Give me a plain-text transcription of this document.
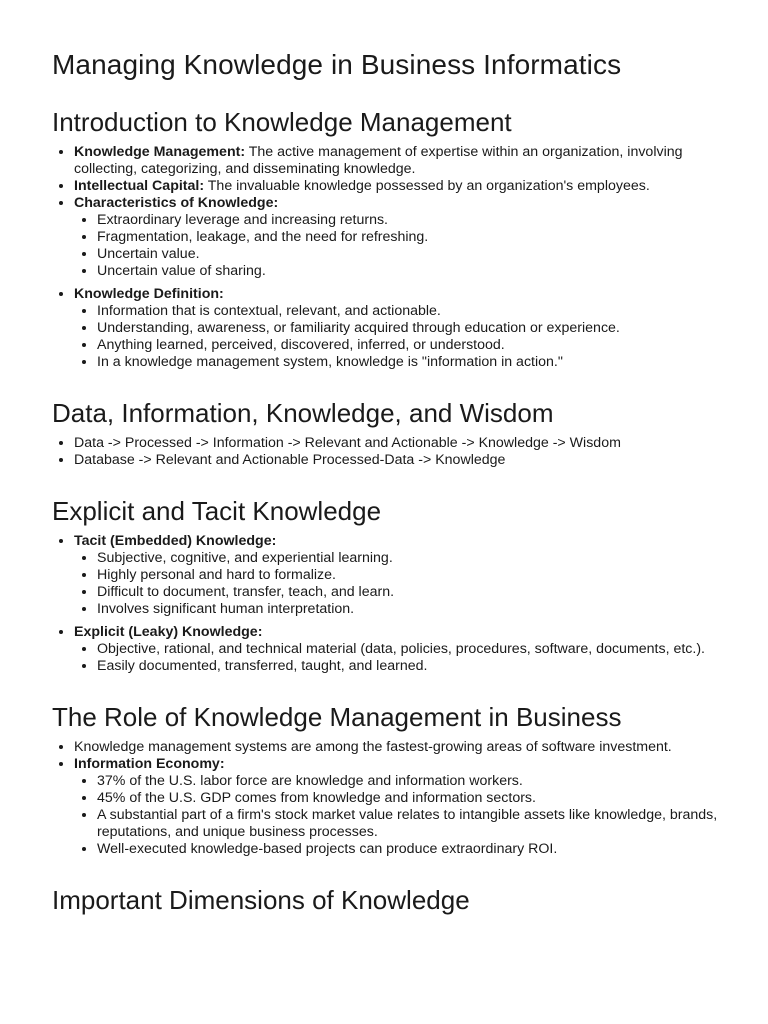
Managing Knowledge in Business Informatics
Introduction to Knowledge Management
• Knowledge Management: The active management of expertise within an organization, involving collecting, categorizing, and disseminating knowledge.
• Intellectual Capital: The invaluable knowledge possessed by an organization's employees.
• Characteristics of Knowledge:
• Extraordinary leverage and increasing returns.
• Fragmentation, leakage, and the need for refreshing.
• Uncertain value.
• Uncertain value of sharing.
• Knowledge Definition:
• Information that is contextual, relevant, and actionable.
• Understanding, awareness, or familiarity acquired through education or experience.
• Anything learned, perceived, discovered, inferred, or understood.
• In a knowledge management system, knowledge is "information in action."
Data, Information, Knowledge, and Wisdom
• Data -> Processed -> Information -> Relevant and Actionable -> Knowledge -> Wisdom
• Database -> Relevant and Actionable Processed-Data -> Knowledge
Explicit and Tacit Knowledge
• Tacit (Embedded) Knowledge:
• Subjective, cognitive, and experiential learning.
• Highly personal and hard to formalize.
• Difficult to document, transfer, teach, and learn.
• Involves significant human interpretation.
• Explicit (Leaky) Knowledge:
• Objective, rational, and technical material (data, policies, procedures, software, documents, etc.).
• Easily documented, transferred, taught, and learned.
The Role of Knowledge Management in Business
• Knowledge management systems are among the fastest-growing areas of software investment.
• Information Economy:
• 37% of the U.S. labor force are knowledge and information workers.
• 45% of the U.S. GDP comes from knowledge and information sectors.
• A substantial part of a firm's stock market value relates to intangible assets like knowledge, brands, reputations, and unique business processes.
• Well-executed knowledge-based projects can produce extraordinary ROI.
Important Dimensions of Knowledge
